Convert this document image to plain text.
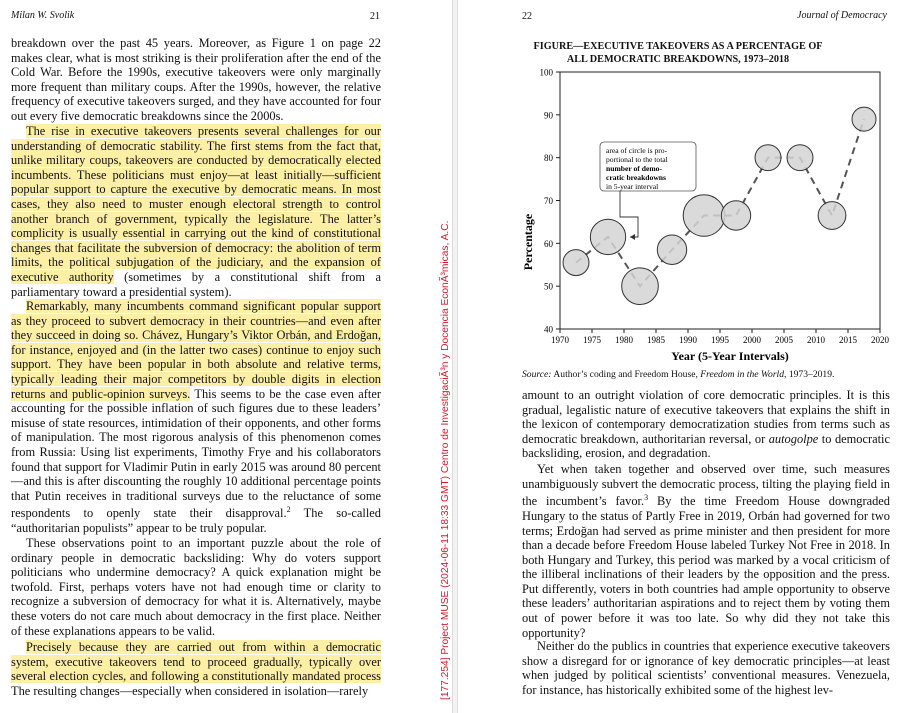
Milan W. Svolik	21

breakdown over the past 45 years. Moreover, as Figure 1 on page 22 makes clear, what is most striking is their proliferation after the end of the Cold War. Before the 1990s, executive takeovers were only marginally more frequent than military coups. After the 1990s, however, the relative frequency of executive takeovers surged, and they have accounted for four out every five democratic breakdowns since the 2000s.

The rise in executive takeovers presents several challenges for our understanding of democratic stability. The first stems from the fact that, unlike military coups, takeovers are conducted by democratically elected incumbents. These politicians must enjoy—at least initially—sufficient popular support to capture the executive by democratic means. In most cases, they also need to muster enough electoral strength to control another branch of government, typically the legislature. The latter’s complicity is usually essential in carrying out the kind of constitutional changes that facilitate the subversion of democracy: the abolition of term limits, the political subjugation of the judiciary, and the expansion of executive authority (sometimes by a constitutional shift from a parliamentary toward a presidential system).

Remarkably, many incumbents command significant popular support as they proceed to subvert democracy in their countries—and even after they succeed in doing so. Chávez, Hungary’s Viktor Orbán, and Erdoğan, for instance, enjoyed and (in the latter two cases) continue to enjoy such support. They have been popular in both absolute and relative terms, typically leading their major competitors by double digits in election returns and public-opinion surveys. This seems to be the case even after accounting for the possible inflation of such figures due to these leaders’ misuse of state resources, intimidation of their opponents, and other forms of manipulation. The most rigorous analysis of this phenomenon comes from Russia: Using list experiments, Timothy Frye and his collaborators found that support for Vladimir Putin in early 2015 was around 80 percent—and this is after discounting the roughly 10 additional percentage points that Putin receives in traditional surveys due to the reluctance of some respondents to openly state their disapproval.$^2$ The so-called “authoritarian populists” appear to be truly popular.

These observations point to an important puzzle about the role of ordinary people in democratic backsliding: Why do voters support politicians who undermine democracy? A quick explanation might be twofold. First, perhaps voters have not had enough time or clarity to recognize a subversion of democracy for what it is. Alternatively, maybe these voters do not care much about democracy in the first place. Neither of these explanations appears to be valid.

Precisely because they are carried out from within a democratic system, executive takeovers tend to proceed gradually, typically over several election cycles, and following a constitutionally mandated process The resulting changes—especially when considered in isolation—rarely	[177.254] Project MUSE (2024-06-11 18:33 GMT) Centro de InvestigaciÃ³n y Docencia EconÃ³micas, A.C.
22	Journal of Democracy
FIGURE—EXECUTIVE TAKEOVERS AS A PERCENTAGE OF
ALL DEMOCRATIC BREAKDOWNS, 1973–2018
40
50
60
70
80
90
100
1970 1975 1980 1985 1990 1995 2000 2005 2010 2015 2020
area of circle is pro-
portional to the total
number of demo-
cratic breakdowns
in 5-year interval
Year (5-Year Intervals)
Percentage
Source: Author’s coding and Freedom House, Freedom in the World, 1973–2019.

amount to an outright violation of core democratic principles. It is this gradual, legalistic nature of executive takeovers that explains the shift in the lexicon of contemporary democratization studies from terms such as democratic breakdown, authoritarian reversal, or autogolpe to democratic backsliding, erosion, and degradation.

Yet when taken together and observed over time, such measures unambiguously subvert the democratic process, tilting the playing field in the incumbent’s favor.$^3$ By the time Freedom House downgraded Hungary to the status of Partly Free in 2019, Orbán had governed for two terms; Erdoğan had served as prime minister and then president for more than a decade before Freedom House labeled Turkey Not Free in 2018. In both Hungary and Turkey, this period was marked by a vocal criticism of the illiberal inclinations of their leaders by the opposition and the press. Put differently, voters in both countries had ample opportunity to observe these leaders’ authoritarian aspirations and to reject them by voting them out of power before it was too late. So why did they not take this opportunity?

Neither do the publics in countries that experience executive takeovers show a disregard for or ignorance of key democratic principles—at least when judged by political scientists’ conventional measures. Venezuela, for instance, has historically exhibited some of the highest lev-
